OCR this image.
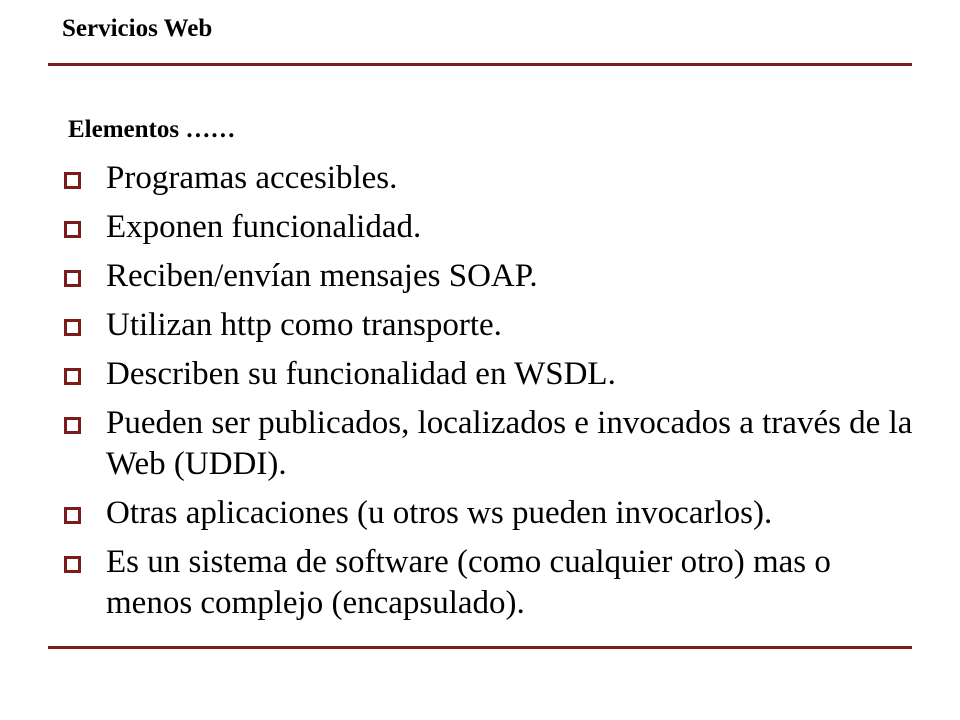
Servicios Web
Elementos ……
Programas accesibles.
Exponen funcionalidad.
Reciben/envían mensajes SOAP.
Utilizan http como transporte.
Describen su funcionalidad en WSDL.
Pueden ser publicados, localizados e invocados a través de la Web (UDDI).
Otras aplicaciones (u otros ws pueden invocarlos).
Es un sistema de software (como cualquier otro) mas o menos complejo (encapsulado).
